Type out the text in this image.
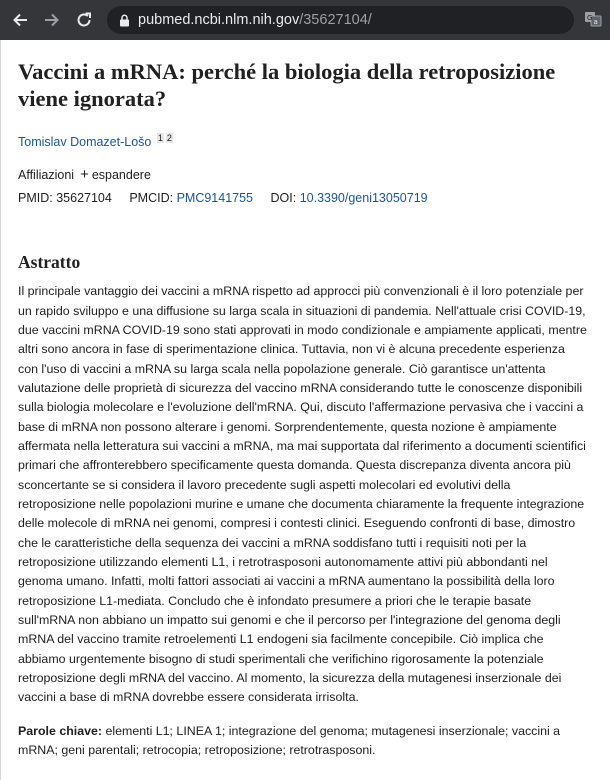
pubmed.ncbi.nlm.nih.gov/35627104/	G a
Vaccini a mRNA: perché la biologia della retroposizione viene ignorata?
Tomislav Domazet-Lošo $^1$ $^2$
Affiliazioni + espandere
PMID: 35627104 PMCID: PMC9141755 DOI: 10.3390/geni13050719
Astratto
Il principale vantaggio dei vaccini a mRNA rispetto ad approcci più convenzionali è il loro potenziale per un rapido sviluppo e una diffusione su larga scala in situazioni di pandemia. Nell'attuale crisi COVID-19, due vaccini mRNA COVID-19 sono stati approvati in modo condizionale e ampiamente applicati, mentre altri sono ancora in fase di sperimentazione clinica. Tuttavia, non vi è alcuna precedente esperienza con l'uso di vaccini a mRNA su larga scala nella popolazione generale. Ciò garantisce un'attenta valutazione delle proprietà di sicurezza del vaccino mRNA considerando tutte le conoscenze disponibili sulla biologia molecolare e l'evoluzione dell'mRNA. Qui, discuto l'affermazione pervasiva che i vaccini a base di mRNA non possono alterare i genomi. Sorprendentemente, questa nozione è ampiamente affermata nella letteratura sui vaccini a mRNA, ma mai supportata dal riferimento a documenti scientifici primari che affronterebbero specificamente questa domanda. Questa discrepanza diventa ancora più sconcertante se si considera il lavoro precedente sugli aspetti molecolari ed evolutivi della retroposizione nelle popolazioni murine e umane che documenta chiaramente la frequente integrazione delle molecole di mRNA nei genomi, compresi i contesti clinici. Eseguendo confronti di base, dimostro che le caratteristiche della sequenza dei vaccini a mRNA soddisfano tutti i requisiti noti per la retroposizione utilizzando elementi L1, i retrotrasposoni autonomamente attivi più abbondanti nel genoma umano. Infatti, molti fattori associati ai vaccini a mRNA aumentano la possibilità della loro retroposizione L1-mediata. Concludo che è infondato presumere a priori che le terapie basate sull'mRNA non abbiano un impatto sui genomi e che il percorso per l'integrazione del genoma degli mRNA del vaccino tramite retroelementi L1 endogeni sia facilmente concepibile. Ciò implica che abbiamo urgentemente bisogno di studi sperimentali che verifichino rigorosamente la potenziale retroposizione degli mRNA del vaccino. Al momento, la sicurezza della mutagenesi inserzionale dei vaccini a base di mRNA dovrebbe essere considerata irrisolta.
Parole chiave: elementi L1; LINEA 1; integrazione del genoma; mutagenesi inserzionale; vaccini a mRNA; geni parentali; retrocopia; retroposizione; retrotrasposoni.
